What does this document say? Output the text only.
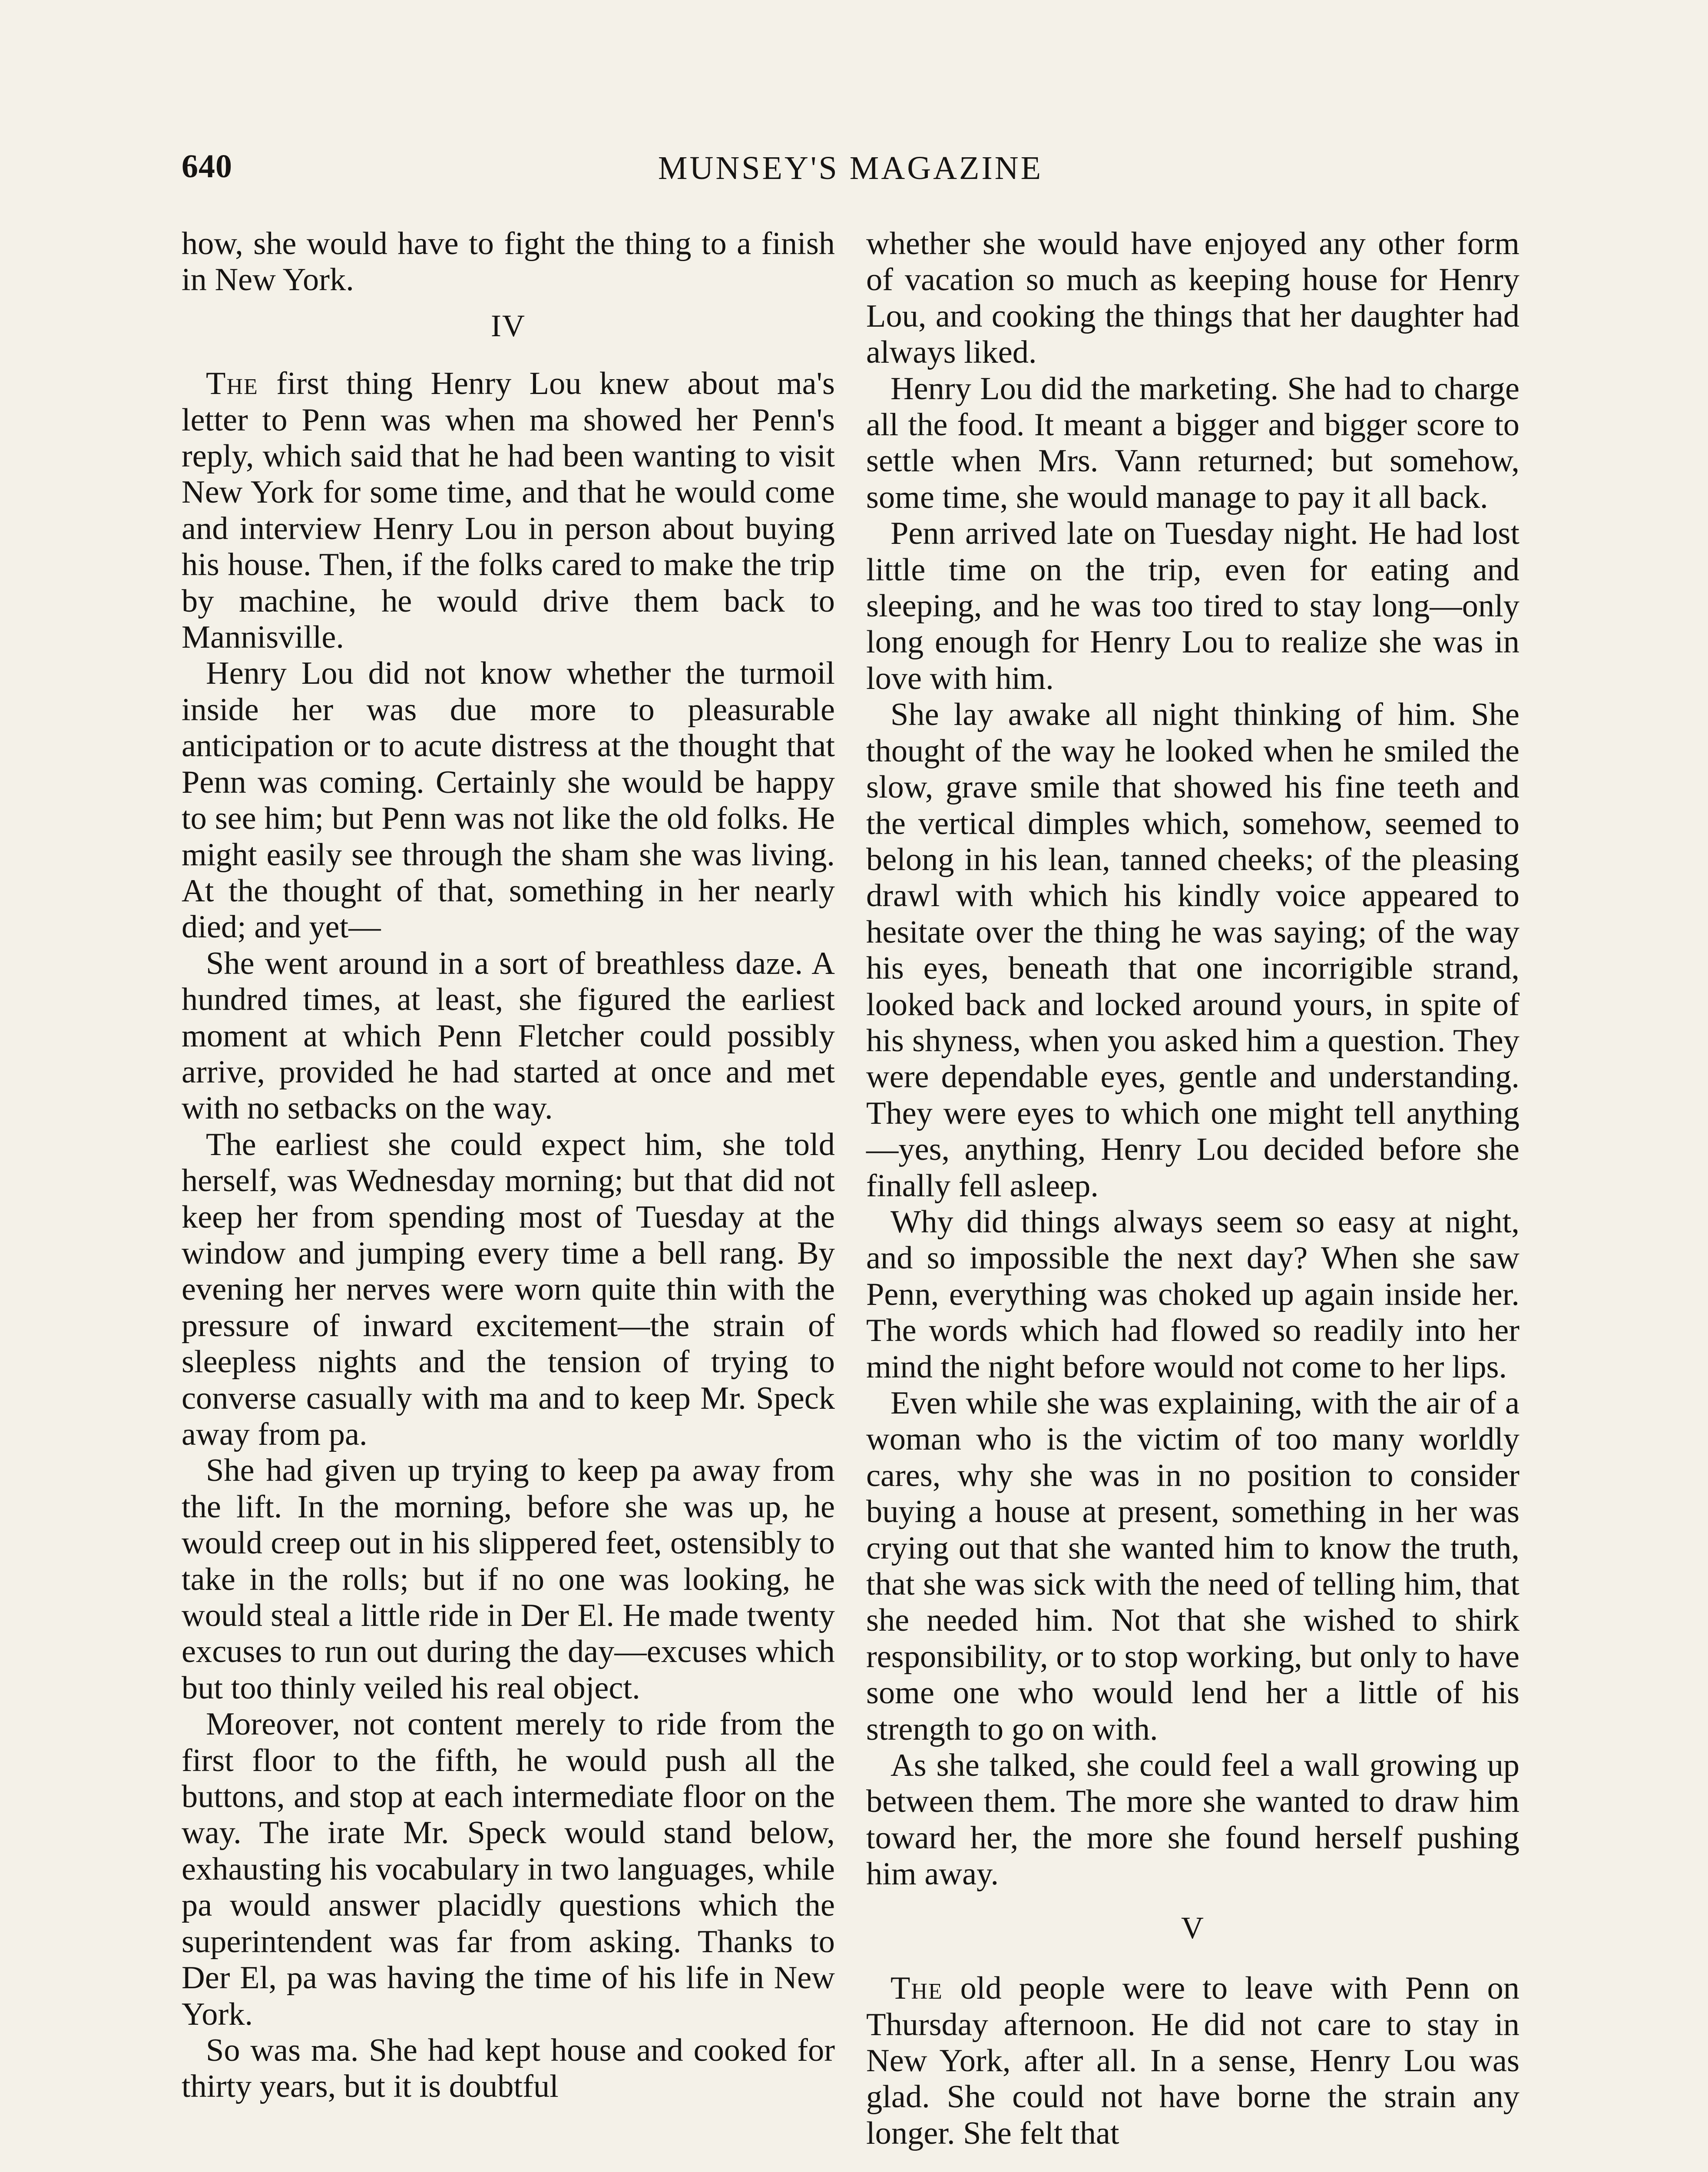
640	MUNSEY'S MAGAZINE

how, she would have to fight the thing to a finish in New York.

IV

The first thing Henry Lou knew about ma's letter to Penn was when ma showed her Penn's reply, which said that he had been wanting to visit New York for some time, and that he would come and interview Henry Lou in person about buying his house. Then, if the folks cared to make the trip by machine, he would drive them back to Mannisville.

Henry Lou did not know whether the turmoil inside her was due more to pleasurable anticipation or to acute distress at the thought that Penn was coming. Certainly she would be happy to see him; but Penn was not like the old folks. He might easily see through the sham she was living. At the thought of that, something in her nearly died; and yet—

She went around in a sort of breathless daze. A hundred times, at least, she figured the earliest moment at which Penn Fletcher could possibly arrive, provided he had started at once and met with no setbacks on the way.

The earliest she could expect him, she told herself, was Wednesday morning; but that did not keep her from spending most of Tuesday at the window and jumping every time a bell rang. By evening her nerves were worn quite thin with the pressure of inward excitement—the strain of sleepless nights and the tension of trying to converse casually with ma and to keep Mr. Speck away from pa.

She had given up trying to keep pa away from the lift. In the morning, before she was up, he would creep out in his slippered feet, ostensibly to take in the rolls; but if no one was looking, he would steal a little ride in Der El. He made twenty excuses to run out during the day—excuses which but too thinly veiled his real object.

Moreover, not content merely to ride from the first floor to the fifth, he would push all the buttons, and stop at each intermediate floor on the way. The irate Mr. Speck would stand below, exhausting his vocabulary in two languages, while pa would answer placidly questions which the superintendent was far from asking. Thanks to Der El, pa was having the time of his life in New York.

So was ma. She had kept house and cooked for thirty years, but it is doubtful

whether she would have enjoyed any other form of vacation so much as keeping house for Henry Lou, and cooking the things that her daughter had always liked.

Henry Lou did the marketing. She had to charge all the food. It meant a bigger and bigger score to settle when Mrs. Vann returned; but somehow, some time, she would manage to pay it all back.

Penn arrived late on Tuesday night. He had lost little time on the trip, even for eating and sleeping, and he was too tired to stay long—only long enough for Henry Lou to realize she was in love with him.

She lay awake all night thinking of him. She thought of the way he looked when he smiled the slow, grave smile that showed his fine teeth and the vertical dimples which, somehow, seemed to belong in his lean, tanned cheeks; of the pleasing drawl with which his kindly voice appeared to hesitate over the thing he was saying; of the way his eyes, beneath that one incorrigible strand, looked back and locked around yours, in spite of his shyness, when you asked him a question. They were dependable eyes, gentle and understanding. They were eyes to which one might tell anything —yes, anything, Henry Lou decided before she finally fell asleep.

Why did things always seem so easy at night, and so impossible the next day? When she saw Penn, everything was choked up again inside her. The words which had flowed so readily into her mind the night before would not come to her lips.

Even while she was explaining, with the air of a woman who is the victim of too many worldly cares, why she was in no position to consider buying a house at present, something in her was crying out that she wanted him to know the truth, that she was sick with the need of telling him, that she needed him. Not that she wished to shirk responsibility, or to stop working, but only to have some one who would lend her a little of his strength to go on with.

As she talked, she could feel a wall growing up between them. The more she wanted to draw him toward her, the more she found herself pushing him away.

V

The old people were to leave with Penn on Thursday afternoon. He did not care to stay in New York, after all. In a sense, Henry Lou was glad. She could not have borne the strain any longer. She felt that
